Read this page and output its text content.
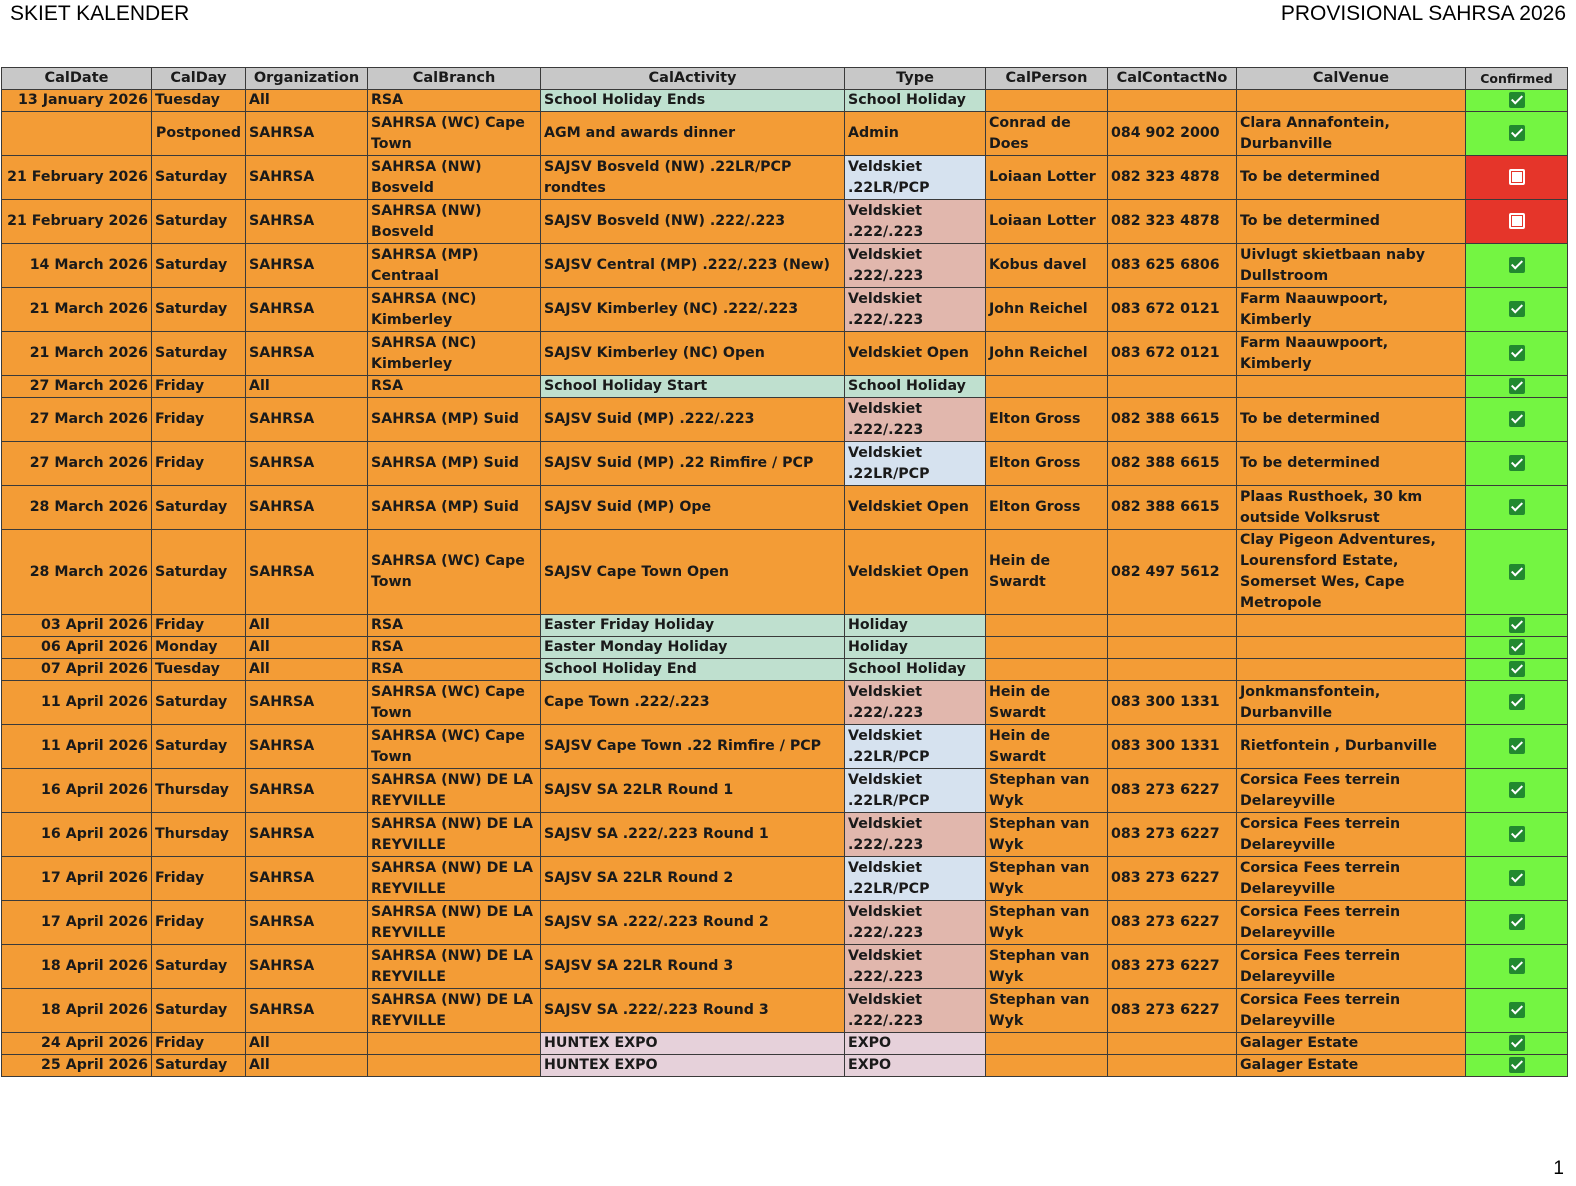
SKIET KALENDER	PROVISIONAL SAHRSA 2026
CalDate	CalDay	Organization	CalBranch	CalActivity	Type	CalPerson	CalContactNo	CalVenue	Confirmed
13 January 2026	Tuesday	All	RSA	School Holiday Ends	School Holiday				
	Postponed	SAHRSA	SAHRSA (WC) Cape Town	AGM and awards dinner	Admin	Conrad de Does	084 902 2000	Clara Annafontein, Durbanville	
21 February 2026	Saturday	SAHRSA	SAHRSA (NW) Bosveld	SAJSV Bosveld (NW) .22LR/PCP rondtes	Veldskiet .22LR/PCP	Loiaan Lotter	082 323 4878	To be determined	
21 February 2026	Saturday	SAHRSA	SAHRSA (NW) Bosveld	SAJSV Bosveld (NW) .222/.223	Veldskiet .222/.223	Loiaan Lotter	082 323 4878	To be determined	
14 March 2026	Saturday	SAHRSA	SAHRSA (MP) Centraal	SAJSV Central (MP) .222/.223 (New)	Veldskiet .222/.223	Kobus davel	083 625 6806	Uivlugt skietbaan naby Dullstroom	
21 March 2026	Saturday	SAHRSA	SAHRSA (NC) Kimberley	SAJSV Kimberley (NC) .222/.223	Veldskiet .222/.223	John Reichel	083 672 0121	Farm Naauwpoort, Kimberly	
21 March 2026	Saturday	SAHRSA	SAHRSA (NC) Kimberley	SAJSV Kimberley (NC) Open	Veldskiet Open	John Reichel	083 672 0121	Farm Naauwpoort, Kimberly	
27 March 2026	Friday	All	RSA	School Holiday Start	School Holiday				
27 March 2026	Friday	SAHRSA	SAHRSA (MP) Suid	SAJSV Suid (MP) .222/.223	Veldskiet .222/.223	Elton Gross	082 388 6615	To be determined	
27 March 2026	Friday	SAHRSA	SAHRSA (MP) Suid	SAJSV Suid (MP) .22 Rimfire / PCP	Veldskiet .22LR/PCP	Elton Gross	082 388 6615	To be determined	
28 March 2026	Saturday	SAHRSA	SAHRSA (MP) Suid	SAJSV Suid (MP) Ope	Veldskiet Open	Elton Gross	082 388 6615	Plaas Rusthoek, 30 km outside Volksrust	
28 March 2026	Saturday	SAHRSA	SAHRSA (WC) Cape Town	SAJSV Cape Town Open	Veldskiet Open	Hein de Swardt	082 497 5612	Clay Pigeon Adventures, Lourensford Estate, Somerset Wes, Cape Metropole	
03 April 2026	Friday	All	RSA	Easter Friday Holiday	Holiday				
06 April 2026	Monday	All	RSA	Easter Monday Holiday	Holiday				
07 April 2026	Tuesday	All	RSA	School Holiday End	School Holiday				
11 April 2026	Saturday	SAHRSA	SAHRSA (WC) Cape Town	Cape Town .222/.223	Veldskiet .222/.223	Hein de Swardt	083 300 1331	Jonkmansfontein, Durbanville	
11 April 2026	Saturday	SAHRSA	SAHRSA (WC) Cape Town	SAJSV Cape Town .22 Rimfire / PCP	Veldskiet .22LR/PCP	Hein de Swardt	083 300 1331	Rietfontein , Durbanville	
16 April 2026	Thursday	SAHRSA	SAHRSA (NW) DE LA REYVILLE	SAJSV SA 22LR Round 1	Veldskiet .22LR/PCP	Stephan van Wyk	083 273 6227	Corsica Fees terrein Delareyville	
16 April 2026	Thursday	SAHRSA	SAHRSA (NW) DE LA REYVILLE	SAJSV SA .222/.223 Round 1	Veldskiet .222/.223	Stephan van Wyk	083 273 6227	Corsica Fees terrein Delareyville	
17 April 2026	Friday	SAHRSA	SAHRSA (NW) DE LA REYVILLE	SAJSV SA 22LR Round 2	Veldskiet .22LR/PCP	Stephan van Wyk	083 273 6227	Corsica Fees terrein Delareyville	
17 April 2026	Friday	SAHRSA	SAHRSA (NW) DE LA REYVILLE	SAJSV SA .222/.223 Round 2	Veldskiet .222/.223	Stephan van Wyk	083 273 6227	Corsica Fees terrein Delareyville	
18 April 2026	Saturday	SAHRSA	SAHRSA (NW) DE LA REYVILLE	SAJSV SA 22LR Round 3	Veldskiet .222/.223	Stephan van Wyk	083 273 6227	Corsica Fees terrein Delareyville	
18 April 2026	Saturday	SAHRSA	SAHRSA (NW) DE LA REYVILLE	SAJSV SA .222/.223 Round 3	Veldskiet .222/.223	Stephan van Wyk	083 273 6227	Corsica Fees terrein Delareyville	
24 April 2026	Friday	All		HUNTEX EXPO	EXPO			Galager Estate	
25 April 2026	Saturday	All		HUNTEX EXPO	EXPO			Galager Estate	
1
